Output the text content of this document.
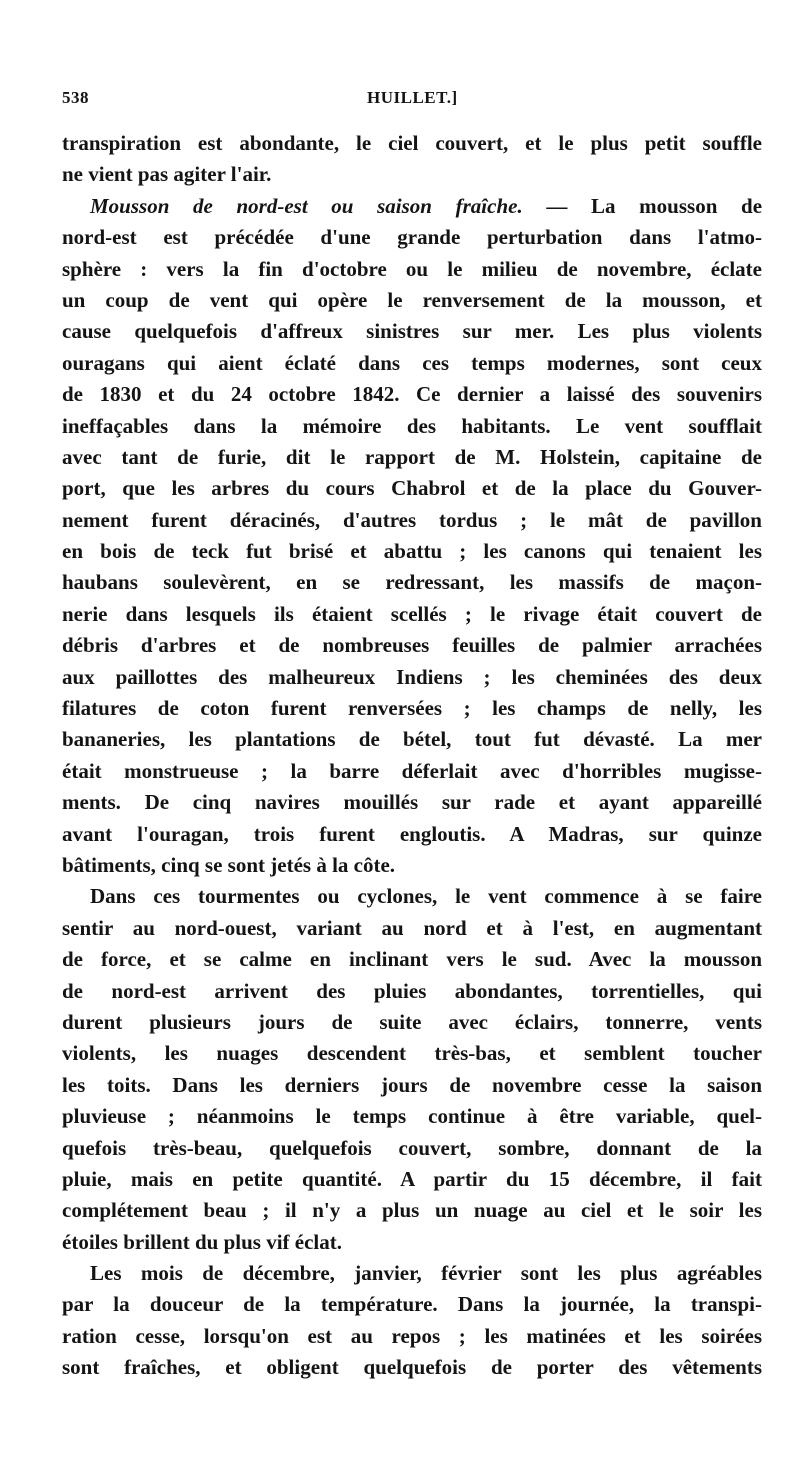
538	HUILLET.]
transpiration est abondante, le ciel couvert, et le plus petit souffle
ne vient pas agiter l'air.
Mousson de nord-est ou saison fraîche. — La mousson de
nord-est est précédée d'une grande perturbation dans l'atmo-
sphère : vers la fin d'octobre ou le milieu de novembre, éclate
un coup de vent qui opère le renversement de la mousson, et
cause quelquefois d'affreux sinistres sur mer. Les plus violents
ouragans qui aient éclaté dans ces temps modernes, sont ceux
de 1830 et du 24 octobre 1842. Ce dernier a laissé des souvenirs
ineffaçables dans la mémoire des habitants. Le vent soufflait
avec tant de furie, dit le rapport de M. Holstein, capitaine de
port, que les arbres du cours Chabrol et de la place du Gouver-
nement furent déracinés, d'autres tordus ; le mât de pavillon
en bois de teck fut brisé et abattu ; les canons qui tenaient les
haubans soulevèrent, en se redressant, les massifs de maçon-
nerie dans lesquels ils étaient scellés ; le rivage était couvert de
débris d'arbres et de nombreuses feuilles de palmier arrachées
aux paillottes des malheureux Indiens ; les cheminées des deux
filatures de coton furent renversées ; les champs de nelly, les
bananeries, les plantations de bétel, tout fut dévasté. La mer
était monstrueuse ; la barre déferlait avec d'horribles mugisse-
ments. De cinq navires mouillés sur rade et ayant appareillé
avant l'ouragan, trois furent engloutis. A Madras, sur quinze
bâtiments, cinq se sont jetés à la côte.
Dans ces tourmentes ou cyclones, le vent commence à se faire
sentir au nord-ouest, variant au nord et à l'est, en augmentant
de force, et se calme en inclinant vers le sud. Avec la mousson
de nord-est arrivent des pluies abondantes, torrentielles, qui
durent plusieurs jours de suite avec éclairs, tonnerre, vents
violents, les nuages descendent très-bas, et semblent toucher
les toits. Dans les derniers jours de novembre cesse la saison
pluvieuse ; néanmoins le temps continue à être variable, quel-
quefois très-beau, quelquefois couvert, sombre, donnant de la
pluie, mais en petite quantité. A partir du 15 décembre, il fait
complétement beau ; il n'y a plus un nuage au ciel et le soir les
étoiles brillent du plus vif éclat.
Les mois de décembre, janvier, février sont les plus agréables
par la douceur de la température. Dans la journée, la transpi-
ration cesse, lorsqu'on est au repos ; les matinées et les soirées
sont fraîches, et obligent quelquefois de porter des vêtements
